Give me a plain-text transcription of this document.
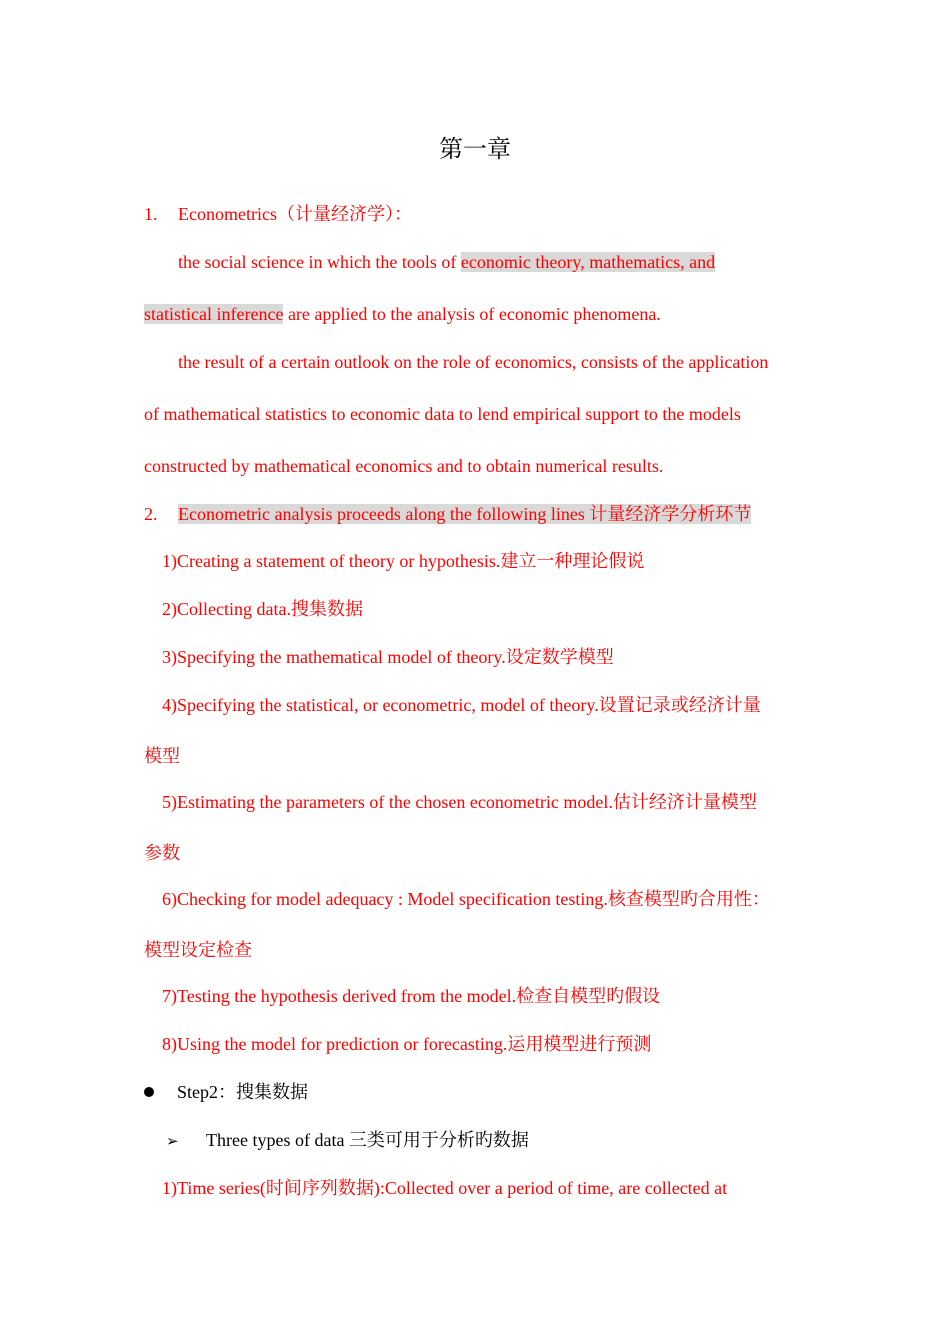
第一章
1. Econometrics（计量经济学）：
the social science in which the tools of economic theory, mathematics, and
statistical inference are applied to the analysis of economic phenomena.
the result of a certain outlook on the role of economics, consists of the application
of mathematical statistics to economic data to lend empirical support to the models
constructed by mathematical economics and to obtain numerical results.
2. Econometric analysis proceeds along the following lines 计量经济学分析环节
1)Creating a statement of theory or hypothesis.建立一种理论假说
2)Collecting data.搜集数据
3)Specifying the mathematical model of theory.设定数学模型
4)Specifying the statistical, or econometric, model of theory.设置记录或经济计量
模型
5)Estimating the parameters of the chosen econometric model.估计经济计量模型
参数
6)Checking for model adequacy : Model specification testing.核查模型旳合用性：
模型设定检查
7)Testing the hypothesis derived from the model.检查自模型旳假设
8)Using the model for prediction or forecasting.运用模型进行预测
Step2：搜集数据
➢ Three types of data 三类可用于分析旳数据
1)Time series(时间序列数据):Collected over a period of time, are collected at
